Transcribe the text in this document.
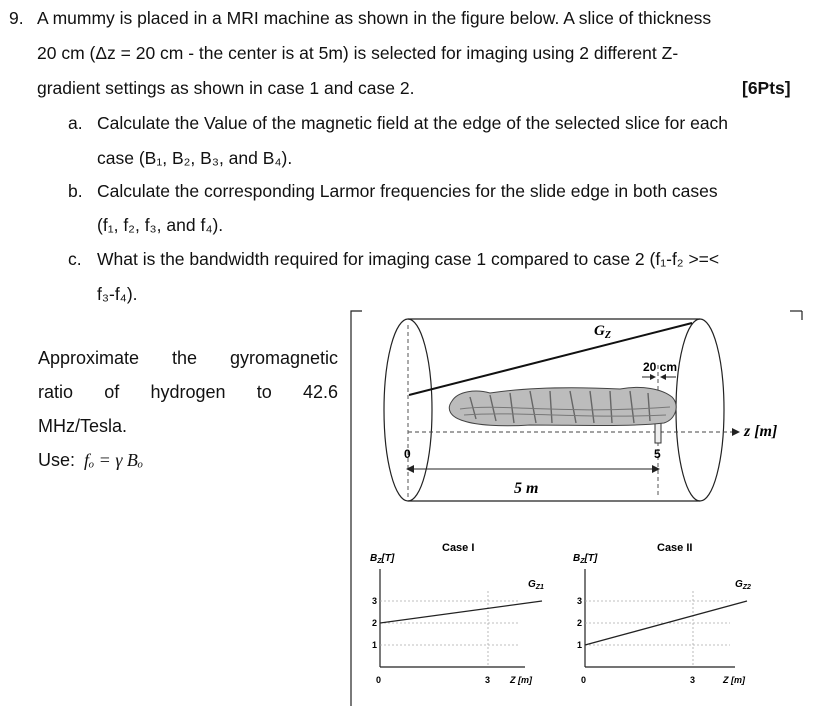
9. A mummy is placed in a MRI machine as shown in the figure below. A slice of thickness
20 cm (Δz = 20 cm - the center is at 5m) is selected for imaging using 2 different Z-
gradient settings as shown in case 1 and case 2.	[6Pts]
a. Calculate the Value of the magnetic field at the edge of the selected slice for each
case (B₁, B₂, B₃, and B₄).
b. Calculate the corresponding Larmor frequencies for the slide edge in both cases
(f₁, f₂, f₃, and f₄).
c. What is the bandwidth required for imaging case 1 compared to case 2 (f₁-f₂ >=<
f₃-f₄).
Approximate the gyromagnetic
ratio of hydrogen to 42.6
MHz/Tesla.
Use: fₒ = γ Bₒ
$G_Z$
20 cm
z [m]
0	5
5 m
Case I
$B_Z[T]$
$G_{Z1}$
3
2
1
0	3 Z [m]
Case II
$B_Z[T]$
$G_{Z2}$
3
2
1
0	3	Z [m]
